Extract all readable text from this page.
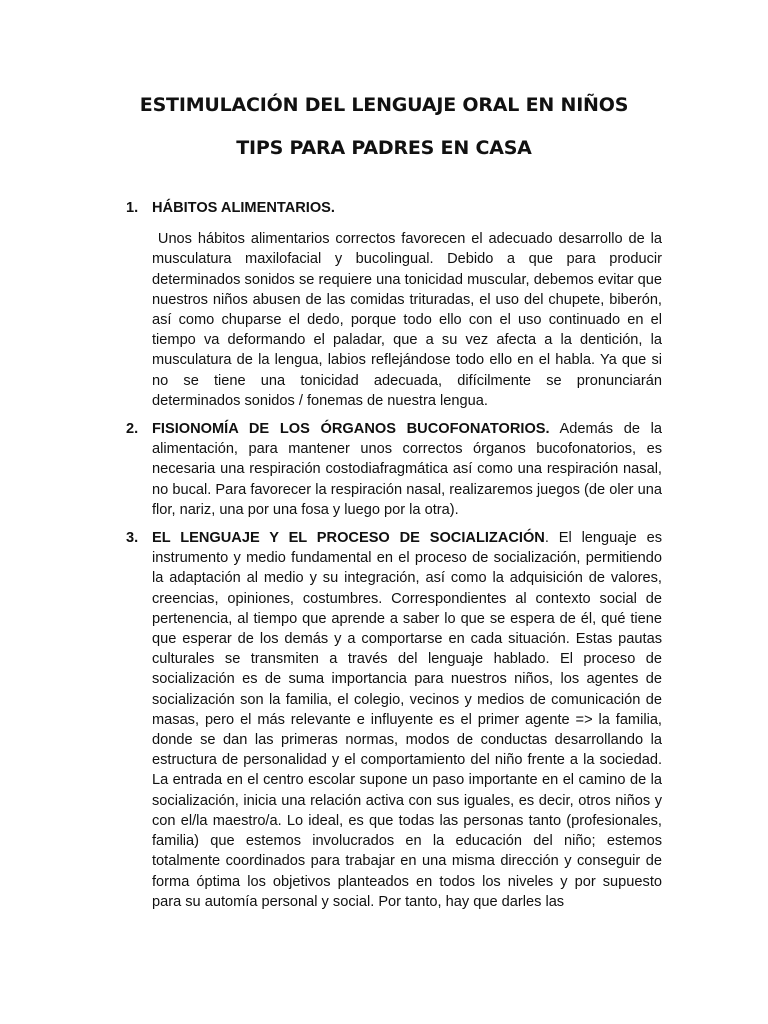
ESTIMULACIÓN DEL LENGUAJE ORAL EN NIÑOS
TIPS PARA PADRES EN CASA
1. HÁBITOS ALIMENTARIOS.

Unos hábitos alimentarios correctos favorecen el adecuado desarrollo de la musculatura maxilofacial y bucolingual. Debido a que para producir determinados sonidos se requiere una tonicidad muscular, debemos evitar que nuestros niños abusen de las comidas trituradas, el uso del chupete, biberón, así como chuparse el dedo, porque todo ello con el uso continuado en el tiempo va deformando el paladar, que a su vez afecta a la dentición, la musculatura de la lengua, labios reflejándose todo ello en el habla. Ya que si no se tiene una tonicidad adecuada, difícilmente se pronunciarán determinados sonidos / fonemas de nuestra lengua.

2. FISIONOMÍA DE LOS ÓRGANOS BUCOFONATORIOS. Además de la alimentación, para mantener unos correctos órganos bucofonatorios, es necesaria una respiración costodiafragmática así como una respiración nasal, no bucal. Para favorecer la respiración nasal, realizaremos juegos (de oler una flor, nariz, una por una fosa y luego por la otra).

3. EL LENGUAJE Y EL PROCESO DE SOCIALIZACIÓN. El lenguaje es instrumento y medio fundamental en el proceso de socialización, permitiendo la adaptación al medio y su integración, así como la adquisición de valores, creencias, opiniones, costumbres. Correspondientes al contexto social de pertenencia, al tiempo que aprende a saber lo que se espera de él, qué tiene que esperar de los demás y a comportarse en cada situación. Estas pautas culturales se transmiten a través del lenguaje hablado. El proceso de socialización es de suma importancia para nuestros niños, los agentes de socialización son la familia, el colegio, vecinos y medios de comunicación de masas, pero el más relevante e influyente es el primer agente => la familia, donde se dan las primeras normas, modos de conductas desarrollando la estructura de personalidad y el comportamiento del niño frente a la sociedad. La entrada en el centro escolar supone un paso importante en el camino de la socialización, inicia una relación activa con sus iguales, es decir, otros niños y con el/la maestro/a. Lo ideal, es que todas las personas tanto (profesionales, familia) que estemos involucrados en la educación del niño; estemos totalmente coordinados para trabajar en una misma dirección y conseguir de forma óptima los objetivos planteados en todos los niveles y por supuesto para su automía personal y social. Por tanto, hay que darles las
